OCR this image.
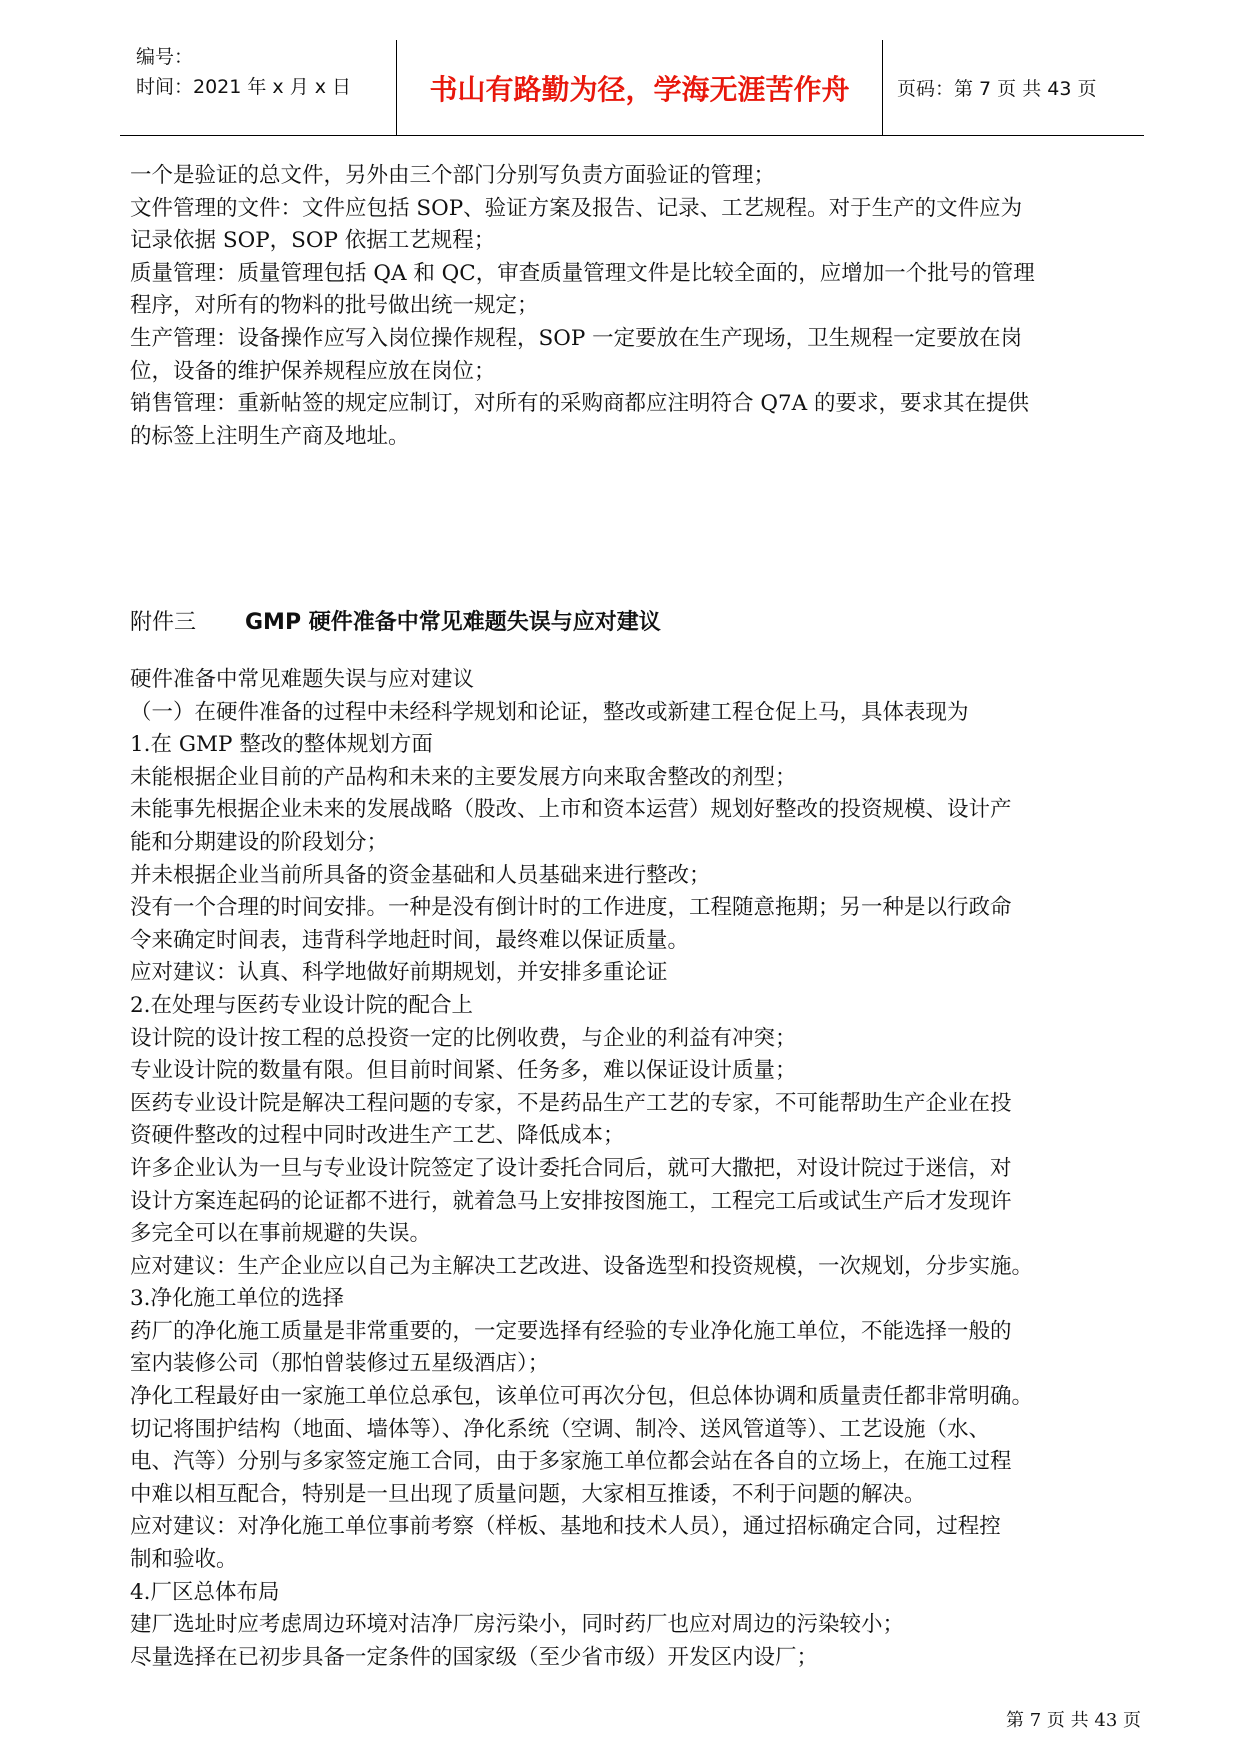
编号：
时间：2021 年 x 月 x 日	书山有路勤为径，学海无涯苦作舟	页码：第 7 页 共 43 页

一个是验证的总文件，另外由三个部门分别写负责方面验证的管理；

文件管理的文件：文件应包括 SOP、验证方案及报告、记录、工艺规程。对于生产的文件应为

记录依据 SOP，SOP 依据工艺规程；

质量管理：质量管理包括 QA 和 QC，审查质量管理文件是比较全面的，应增加一个批号的管理

程序，对所有的物料的批号做出统一规定；

生产管理：设备操作应写入岗位操作规程，SOP 一定要放在生产现场，卫生规程一定要放在岗

位，设备的维护保养规程应放在岗位；

销售管理：重新帖签的规定应制订，对所有的采购商都应注明符合 Q7A 的要求，要求其在提供

的标签上注明生产商及地址。

附件三 GMP 硬件准备中常见难题失误与应对建议

硬件准备中常见难题失误与应对建议

（一）在硬件准备的过程中未经科学规划和论证，整改或新建工程仓促上马，具体表现为

1.在 GMP 整改的整体规划方面

未能根据企业目前的产品构和未来的主要发展方向来取舍整改的剂型；

未能事先根据企业未来的发展战略（股改、上市和资本运营）规划好整改的投资规模、设计产

能和分期建设的阶段划分；

并未根据企业当前所具备的资金基础和人员基础来进行整改；

没有一个合理的时间安排。一种是没有倒计时的工作进度，工程随意拖期；另一种是以行政命

令来确定时间表，违背科学地赶时间，最终难以保证质量。

应对建议：认真、科学地做好前期规划，并安排多重论证

2.在处理与医药专业设计院的配合上

设计院的设计按工程的总投资一定的比例收费，与企业的利益有冲突；

专业设计院的数量有限。但目前时间紧、任务多，难以保证设计质量；

医药专业设计院是解决工程问题的专家，不是药品生产工艺的专家，不可能帮助生产企业在投

资硬件整改的过程中同时改进生产工艺、降低成本；

许多企业认为一旦与专业设计院签定了设计委托合同后，就可大撒把，对设计院过于迷信，对

设计方案连起码的论证都不进行，就着急马上安排按图施工，工程完工后或试生产后才发现许

多完全可以在事前规避的失误。

应对建议：生产企业应以自己为主解决工艺改进、设备选型和投资规模，一次规划，分步实施。

3.净化施工单位的选择

药厂的净化施工质量是非常重要的，一定要选择有经验的专业净化施工单位，不能选择一般的

室内装修公司（那怕曾装修过五星级酒店）；

净化工程最好由一家施工单位总承包，该单位可再次分包，但总体协调和质量责任都非常明确。

切记将围护结构（地面、墙体等）、净化系统（空调、制冷、送风管道等）、工艺设施（水、

电、汽等）分别与多家签定施工合同，由于多家施工单位都会站在各自的立场上，在施工过程

中难以相互配合，特别是一旦出现了质量问题，大家相互推诿，不利于问题的解决。

应对建议：对净化施工单位事前考察（样板、基地和技术人员），通过招标确定合同，过程控

制和验收。

4.厂区总体布局

建厂选址时应考虑周边环境对洁净厂房污染小，同时药厂也应对周边的污染较小；

尽量选择在已初步具备一定条件的国家级（至少省市级）开发区内设厂；

第 7 页 共 43 页
